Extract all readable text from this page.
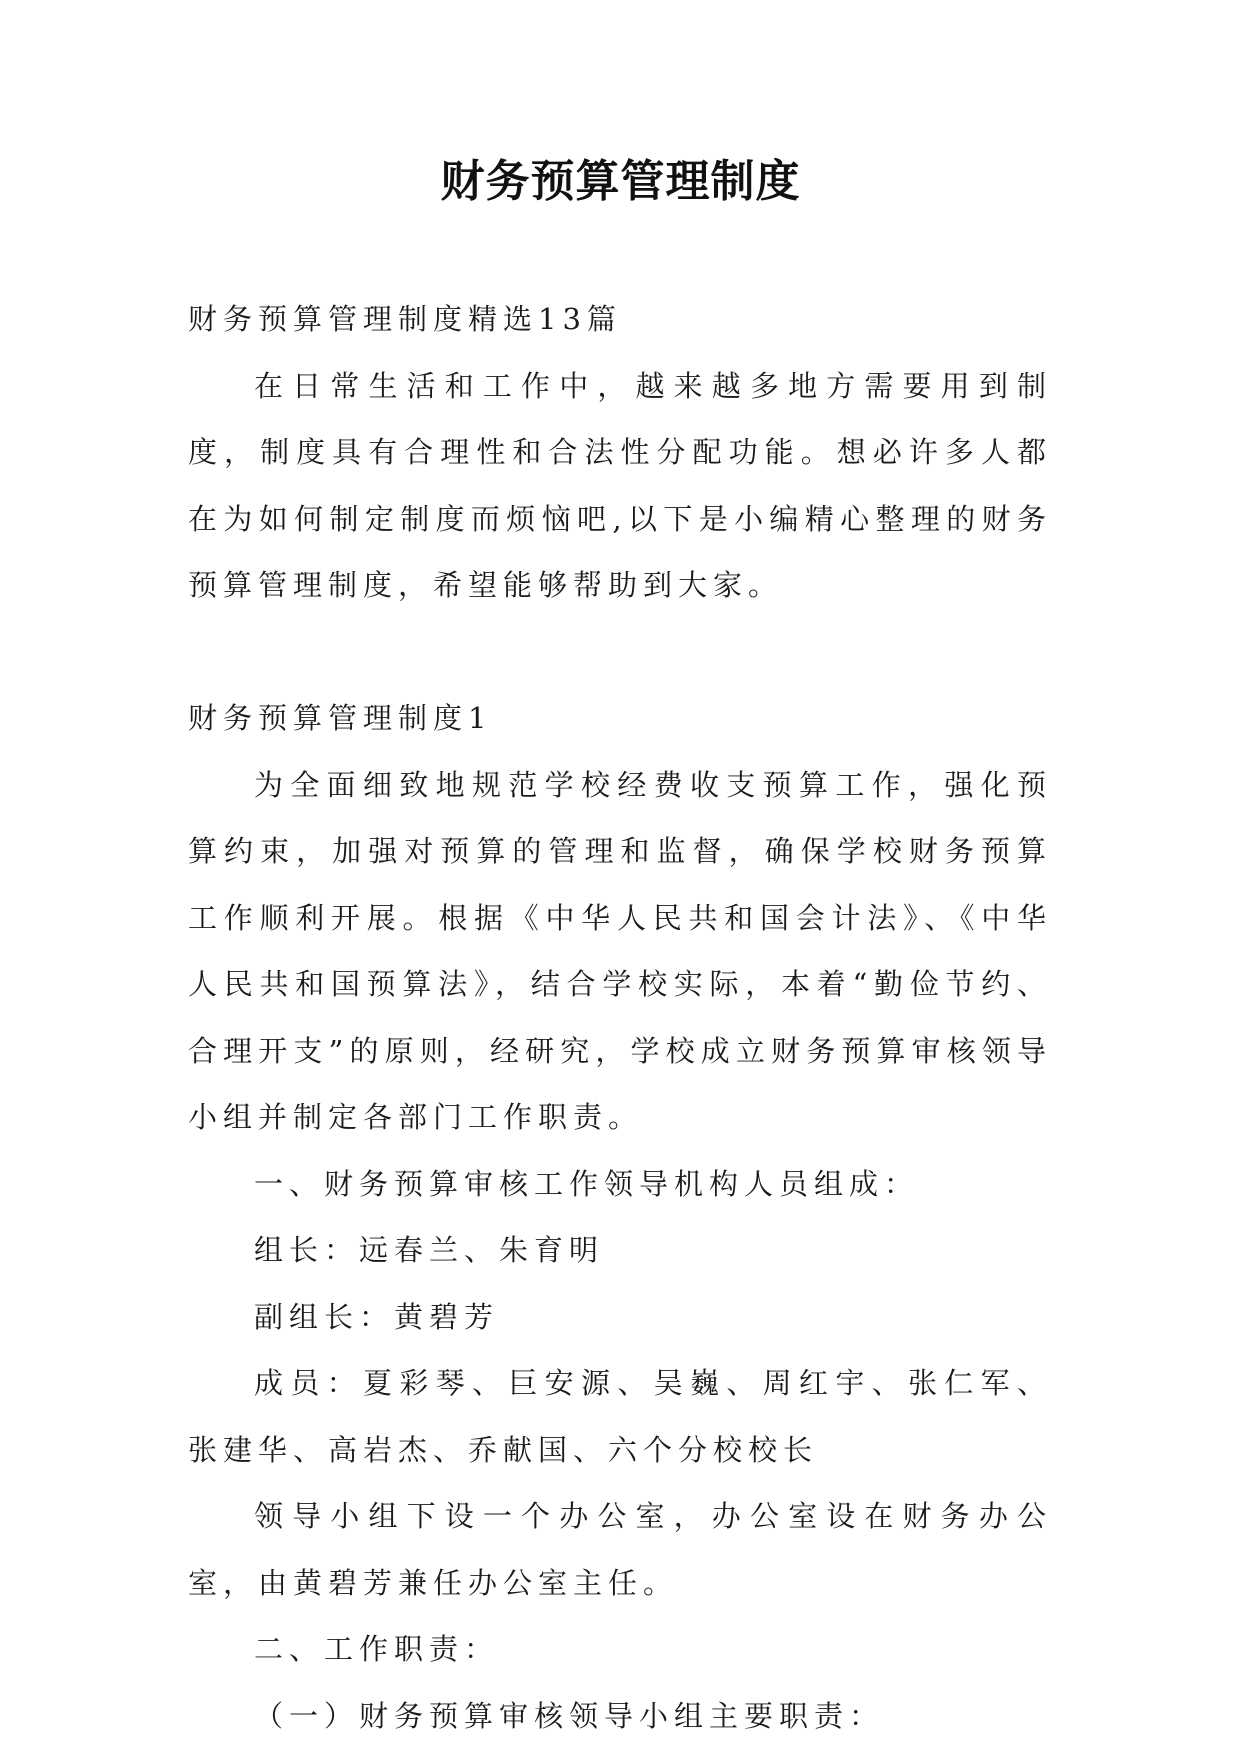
财务预算管理制度

财务预算管理制度精选13篇

在日常生活和工作中，越来越多地方需要用到制度，制度具有合理性和合法性分配功能。想必许多人都在为如何制定制度而烦恼吧,以下是小编精心整理的财务预算管理制度，希望能够帮助到大家。

财务预算管理制度1

为全面细致地规范学校经费收支预算工作，强化预算约束，加强对预算的管理和监督，确保学校财务预算工作顺利开展。根据《中华人民共和国会计法》、《中华人民共和国预算法》，结合学校实际，本着“勤俭节约、合理开支”的原则，经研究，学校成立财务预算审核领导小组并制定各部门工作职责。

一、财务预算审核工作领导机构人员组成：

组长：远春兰、朱育明

副组长：黄碧芳

成员：夏彩琴、巨安源、吴巍、周红宇、张仁军、张建华、高岩杰、乔献国、六个分校校长

领导小组下设一个办公室，办公室设在财务办公室，由黄碧芳兼任办公室主任。

二、工作职责：

（一）财务预算审核领导小组主要职责：
